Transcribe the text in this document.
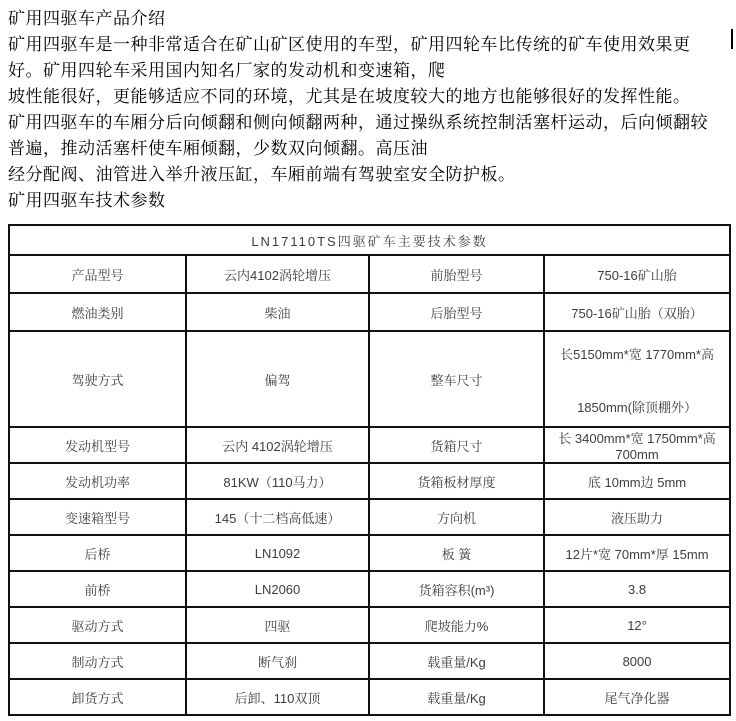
矿用四驱车产品介绍
矿用四驱车是一种非常适合在矿山矿区使用的车型，矿用四轮车比传统的矿车使用效果更
好。矿用四轮车采用国内知名厂家的发动机和变速箱，爬
坡性能很好，更能够适应不同的环境，尤其是在坡度较大的地方也能够很好的发挥性能。
矿用四驱车的车厢分后向倾翻和侧向倾翻两种，通过操纵系统控制活塞杆运动，后向倾翻较
普遍，推动活塞杆使车厢倾翻，少数双向倾翻。高压油
经分配阀、油管进入举升液压缸，车厢前端有驾驶室安全防护板。
矿用四驱车技术参数
LN17110TS四驱矿车主要技术参数			
产品型号	云内4102涡轮增压	前胎型号	750-16矿山胎
燃油类别	柴油	后胎型号	750-16矿山胎（双胎）
驾驶方式	偏驾	整车尺寸	长5150mm*宽 1770mm*高
1850mm(除顶棚外）

发动机型号	云内 4102涡轮增压	货箱尺寸	长 3400mm*宽 1750mm*高 700mm
发动机功率	81KW（110马力）	货箱板材厚度	底 10mm边 5mm
变速箱型号	145（十二档高低速）	方向机	液压助力
后桥	LN1092	板 簧	12片*宽 70mm*厚 15mm
前桥	LN2060	货箱容积(m³)	3.8
驱动方式	四驱	爬坡能力%	12°
制动方式	断气刹	载重量/Kg	8000
卸货方式	后卸、110双顶	载重量/Kg	尾气净化器
